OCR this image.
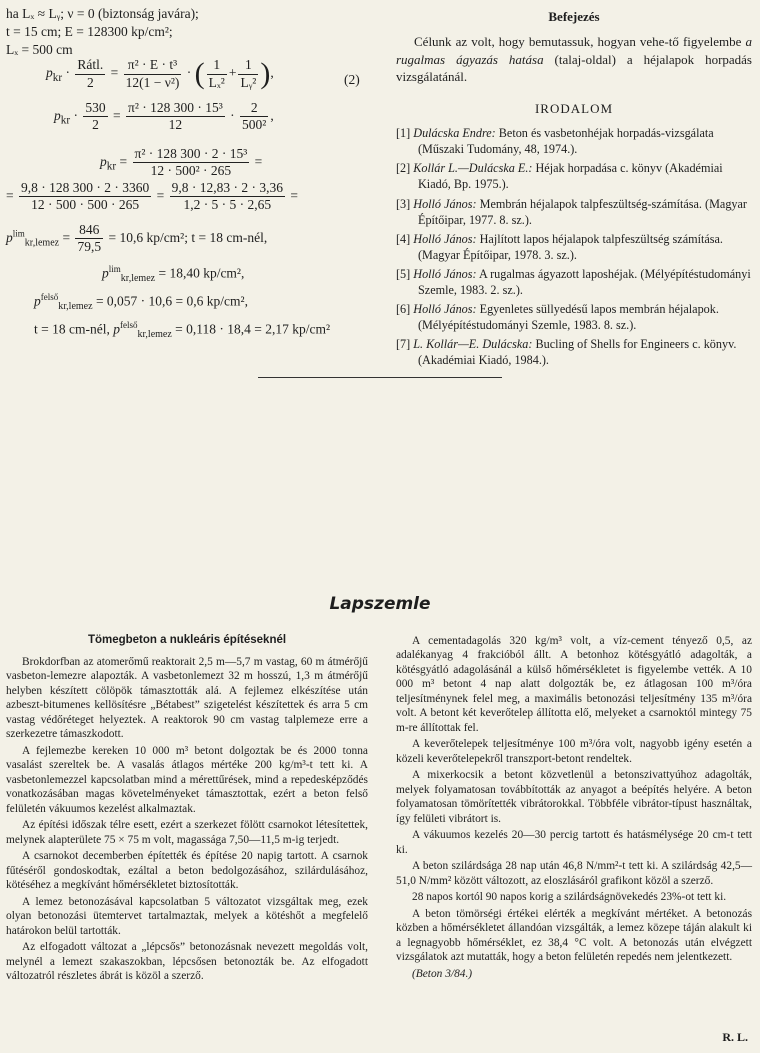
ha Lₓ ≈ Lᵧ; ν = 0 (biztonság javára);
t = 15 cm; E = 128300 kp/cm²;
Lₓ = 500 cm
$p_{kr} \cdot \frac{\text{Rátl.}}{2} = \frac{\text{π² · E · t³}}{\text{12(1 − ν²)}}$ · ( $\frac{1}{\text{Lₓ²}} + \frac{1}{\text{Lᵧ²}}$ ),	(2)
$p_{kr} \cdot \frac{530}{2} = \frac{\text{π² · 128 300 · 15³}}{12} \cdot \frac{2}{\text{500²}}$ ,
$p_{kr} = \frac{\text{π² · 128 300 · 2 · 15³}}{\text{12 · 500² · 265}}$ =
= $\frac{9,8 \cdot 128 300 \cdot 2 \cdot 3360}{12 \cdot 500 \cdot 500 \cdot 265} = \frac{9,8 \cdot 12,83 \cdot 2 \cdot 3,36}{1,2 \cdot 5 \cdot 5 \cdot 2,65}$ =
$p^{lim}_{kr,lemez} = \frac{846}{79,5} = 10,6$ kp/cm²; t = 18 cm-nél,
$p^{lim}_{kr,lemez} = 18,40$ kp/cm²,
$p^{felső}_{kr,lemez} = 0,057 \cdot 10,6 = 0,6$ kp/cm²,
t = 18 cm-nél, $p^{felső}_{kr,lemez} = 0,118 \cdot 18,4 = 2,17$ kp/cm²
Befejezés

Célunk az volt, hogy bemutassuk, hogyan vehe-tő figyelembe a rugalmas ágyazás hatása (talaj-oldal) a héjalapok horpadás vizsgálatánál.

IRODALOM

[1] Dulácska Endre: Beton és vasbetonhéjak horpadás-vizsgálata (Műszaki Tudomány, 48, 1974.).

[2] Kollár L.—Dulácska E.: Héjak horpadása c. könyv (Akadémiai Kiadó, Bp. 1975.).

[3] Holló János: Membrán héjalapok talpfeszültség-számítása. (Magyar Építőipar, 1977. 8. sz.).

[4] Holló János: Hajlított lapos héjalapok talpfeszültség számítása. (Magyar Építőipar, 1978. 3. sz.).

[5] Holló János: A rugalmas ágyazott laposhéjak. (Mélyépítéstudományi Szemle, 1983. 2. sz.).

[6] Holló János: Egyenletes süllyedésű lapos membrán héjalapok. (Mélyépítéstudományi Szemle, 1983. 8. sz.).

[7] L. Kollár—E. Dulácska: Bucling of Shells for Engineers c. könyv. (Akadémiai Kiadó, 1984.).

Lapszemle
Tömegbeton a nukleáris építéseknél

Brokdorfban az atomerőmű reaktorait 2,5 m—5,7 m vastag, 60 m átmérőjű vasbeton-lemezre alapozták. A vasbetonlemezt 32 m hosszú, 1,3 m átmérőjű helyben készített cölöpök támasztották alá. A fejlemez elkészítése után azbeszt-bitumenes kellösítésre „Bétabest” szigetelést készítettek és arra 5 cm vastag védőréteget helyeztek. A reaktorok 90 cm vastag talplemeze erre a szerkezetre támaszkodott.

A fejlemezbe kereken 10 000 m³ betont dolgoztak be és 2000 tonna vasalást szereltek be. A vasalás átlagos mértéke 200 kg/m³-t tett ki. A vasbetonlemezzel kapcsolatban mind a mérettűrések, mind a repedesképződés vonatkozásában magas követelményeket támasztottak, ezért a beton felső felületén vákuumos kezelést alkalmaztak.

Az építési időszak télre esett, ezért a szerkezet fölött csarnokot létesítettek, melynek alapterülete 75 × 75 m volt, magassága 7,50—11,5 m-ig terjedt.

A csarnokot decemberben építették és építése 20 napig tartott. A csarnok fűtéséről gondoskodtak, ezáltal a beton bedolgozásához, szilárdulásához, kötéséhez a megkívánt hőmérsékletet biztosították.

A lemez betonozásával kapcsolatban 5 változatot vizsgáltak meg, ezek olyan betonozási ütemtervet tartalmaztak, melyek a kötéshőt a megfelelő határokon belül tartották.

Az elfogadott változat a „lépcsős” betonozásnak nevezett megoldás volt, melynél a lemezt szakaszokban, lépcsősen betonozták be. Az elfogadott változatról részletes ábrát is közöl a szerző.

A cementadagolás 320 kg/m³ volt, a víz-cement tényező 0,5, az adalékanyag 4 frakcióból állt. A betonhoz kötésgyátló adagolták, a kötésgyátló adagolásánál a külső hőmérsékletet is figyelembe vették. A 10 000 m³ betont 4 nap alatt dolgozták be, ez átlagosan 100 m³/óra teljesítménynek felel meg, a maximális betonozási teljesítmény 135 m³/óra volt. A betont két keverőtelep állította elő, melyeket a csarnoktól mintegy 75 m-re állítottak fel.

A keverőtelepek teljesítménye 100 m³/óra volt, nagyobb igény esetén a közeli keverőtelepekről transzport-betont rendeltek.

A mixerkocsik a betont közvetlenül a betonszivattyúhoz adagolták, melyek folyamatosan továbbították az anyagot a beépítés helyére. A beton folyamatosan tömörítették vibrátorokkal. Többféle vibrátor-típust használtak, így felületi vibrátort is.

A vákuumos kezelés 20—30 percig tartott és hatásmélysége 20 cm-t tett ki.

A beton szilárdsága 28 nap után 46,8 N/mm²-t tett ki. A szilárdság 42,5—51,0 N/mm² között változott, az eloszlásáról grafikont közöl a szerző.

28 napos kortól 90 napos korig a szilárdságnövekedés 23%-ot tett ki.

A beton tömörségi értékei elérték a megkívánt mértéket. A betonozás közben a hőmérsékletet állandóan vizsgálták, a lemez közepe táján alakult ki a legnagyobb hőmérséklet, ez 38,4 °C volt. A betonozás után elvégzett vizsgálatok azt mutatták, hogy a beton felületén repedés nem jelentkezett.

(Beton 3/84.)

R. L.
